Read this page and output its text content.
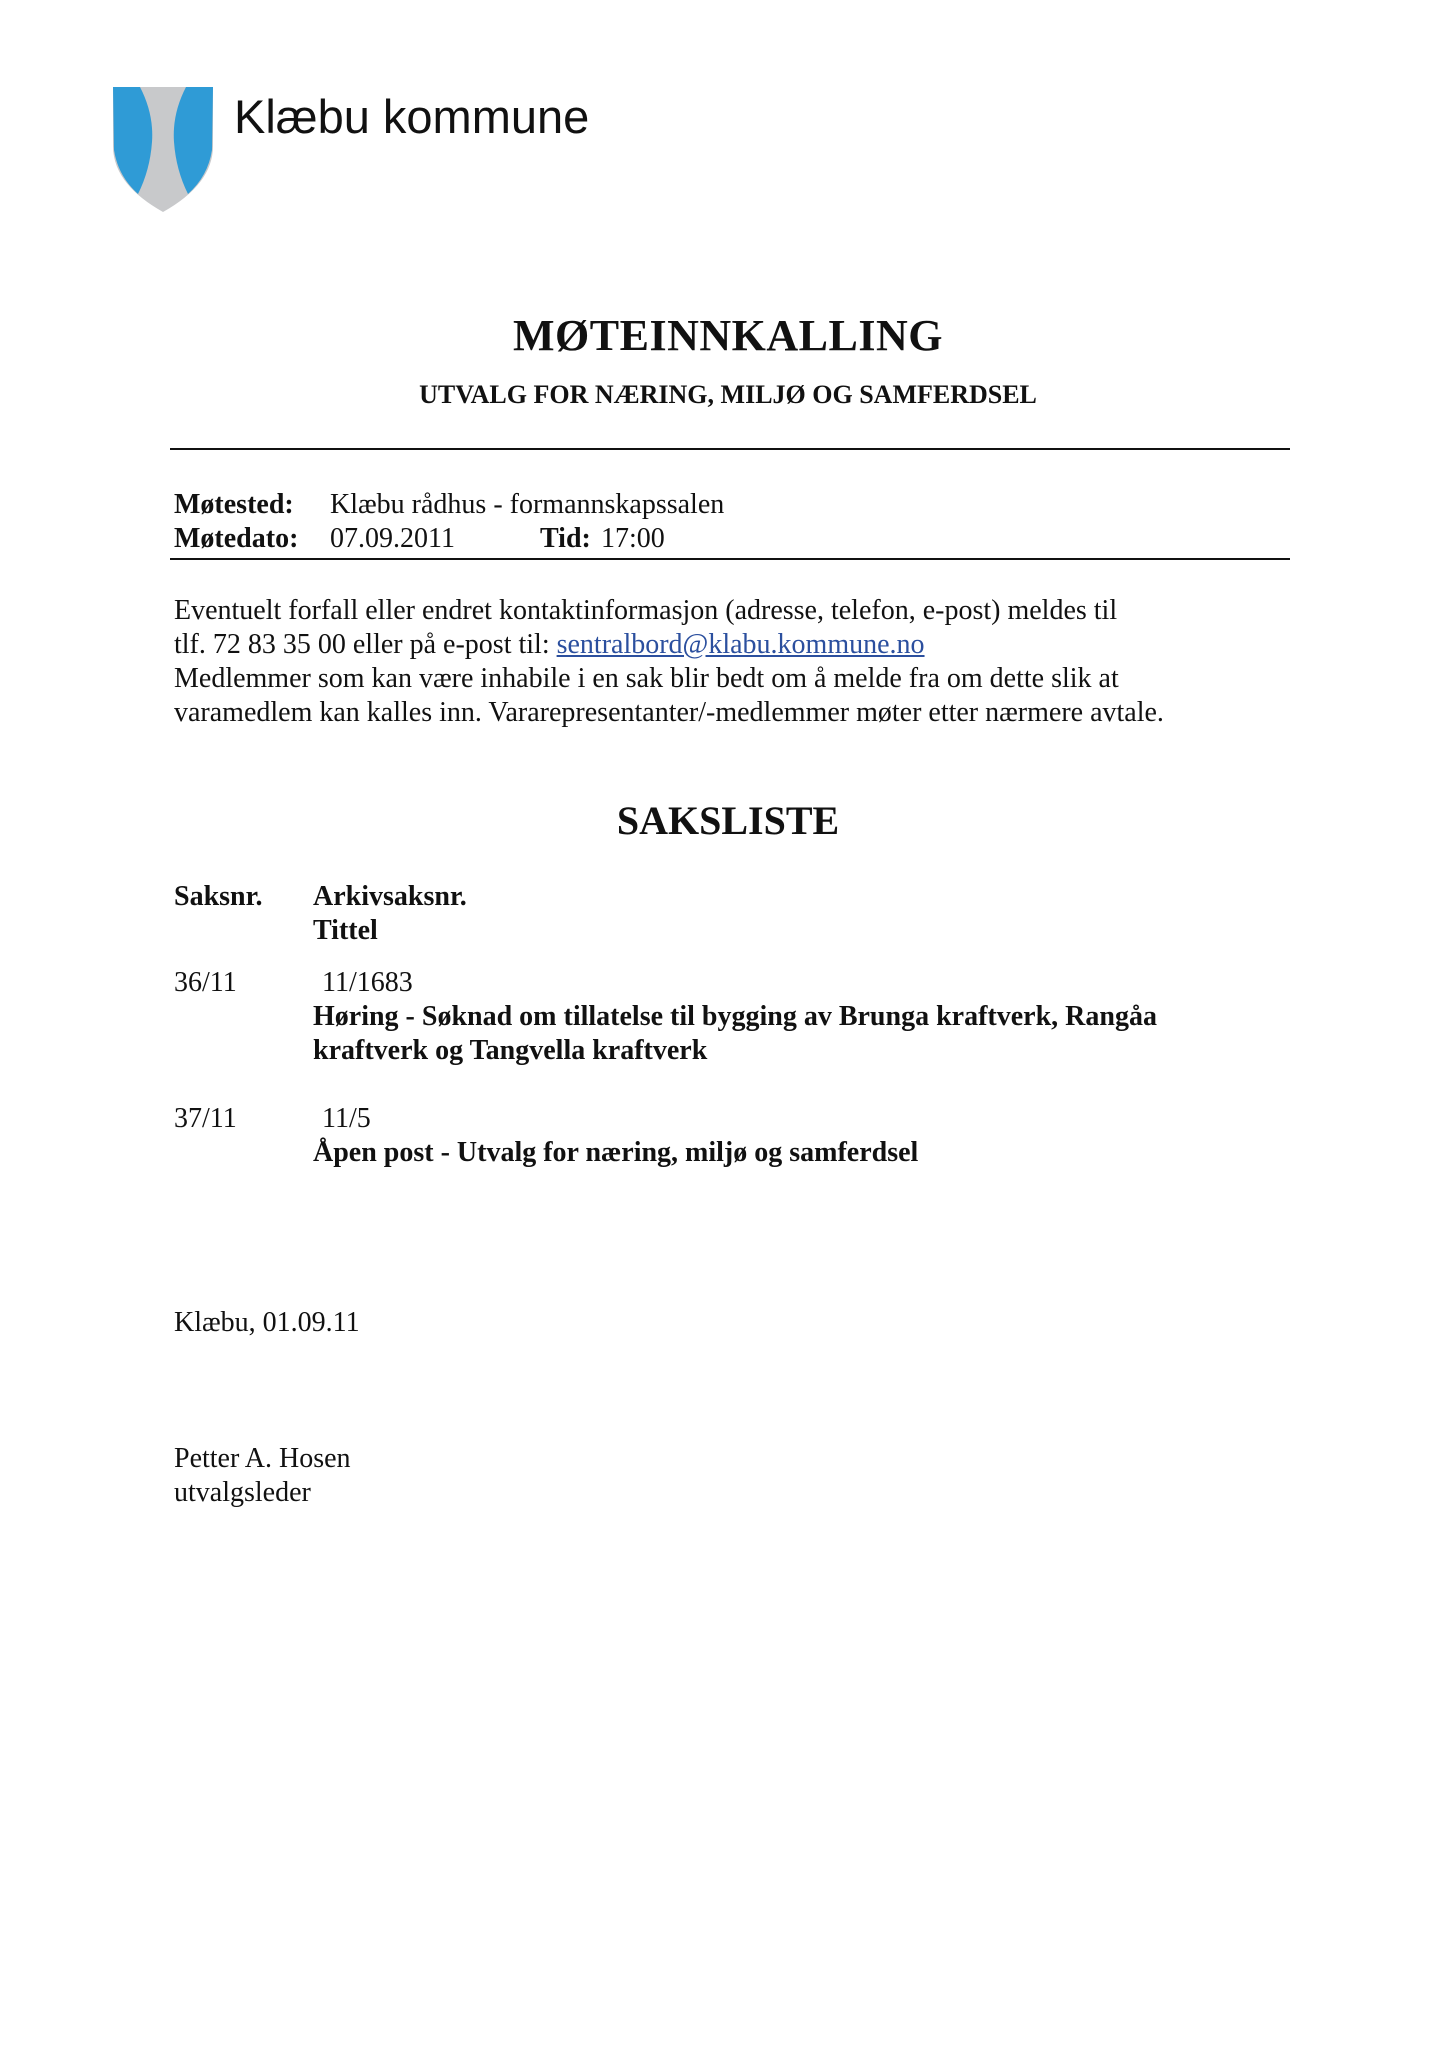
Klæbu kommune
MØTEINNKALLING
UTVALG FOR NÆRING, MILJØ OG SAMFERDSEL
Møtested: Klæbu rådhus - formannskapssalen
Møtedato: 07.09.2011	Tid: 17:00
Eventuelt forfall eller endret kontaktinformasjon (adresse, telefon, e-post) meldes til
tlf. 72 83 35 00 eller på e-post til: sentralbord@klabu.kommune.no
Medlemmer som kan være inhabile i en sak blir bedt om å melde fra om dette slik at
varamedlem kan kalles inn. Vararepresentanter/-medlemmer møter etter nærmere avtale.
SAKSLISTE
Saksnr. Arkivsaksnr.
Tittel
36/11	11/1683
Høring - Søknad om tillatelse til bygging av Brunga kraftverk, Rangåa kraftverk og Tangvella kraftverk
37/11	11/5
Åpen post - Utvalg for næring, miljø og samferdsel
Klæbu, 01.09.11
Petter A. Hosen
utvalgsleder
